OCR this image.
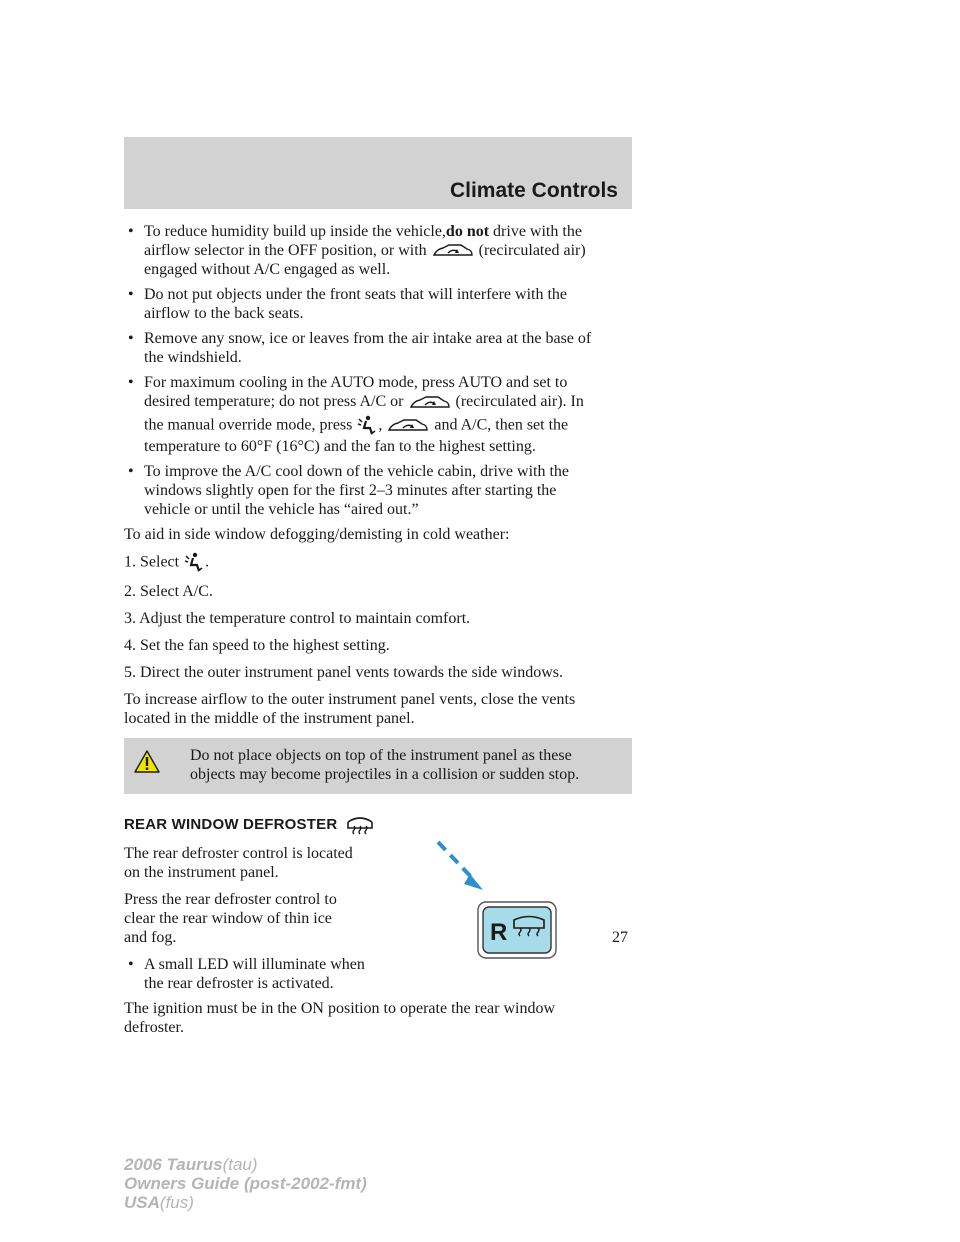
Climate Controls
• To reduce humidity build up inside the vehicle,do not drive with the
airflow selector in the OFF position, or with	(recirculated air)
engaged without A/C engaged as well.
• Do not put objects under the front seats that will interfere with the
airflow to the back seats.
• Remove any snow, ice or leaves from the air intake area at the base of
the windshield.
• For maximum cooling in the AUTO mode, press AUTO and set to
desired temperature; do not press A/C or	(recirculated air). In
the manual override mode, press ,	and A/C, then set the
temperature to 60°F (16°C) and the fan to the highest setting.
• To improve the A/C cool down of the vehicle cabin, drive with the
windows slightly open for the first 2–3 minutes after starting the
vehicle or until the vehicle has “aired out.”
To aid in side window defogging/demisting in cold weather:
1. Select .
2. Select A/C.
3. Adjust the temperature control to maintain comfort.
4. Set the fan speed to the highest setting.
5. Direct the outer instrument panel vents towards the side windows.
To increase airflow to the outer instrument panel vents, close the vents
located in the middle of the instrument panel.
Do not place objects on top of the instrument panel as these
objects may become projectiles in a collision or sudden stop.
REAR WINDOW DEFROSTER
The rear defroster control is located
on the instrument panel.
Press the rear defroster control to
clear the rear window of thin ice
and fog.
• A small LED will illuminate when
the rear defroster is activated.
R
The ignition must be in the ON position to operate the rear window
defroster.
27
2006 Taurus(tau)
Owners Guide (post-2002-fmt)
USA(fus)
